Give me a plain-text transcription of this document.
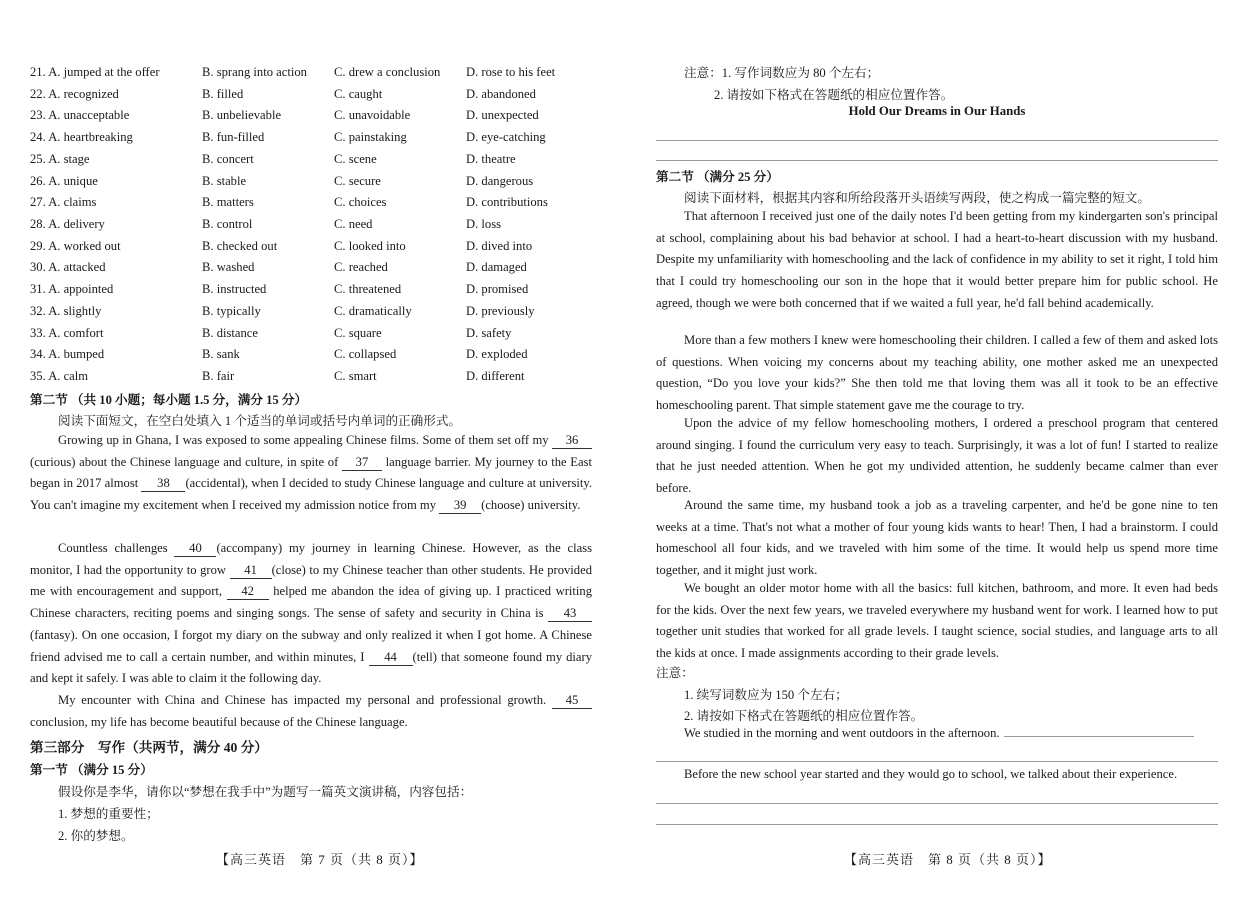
21. A. jumped at the offer	B. sprang into action C. drew a conclusion D. rose to his feet
22. A. recognized	B. filled	C. caught	D. abandoned
23. A. unacceptable	B. unbelievable	C. unavoidable	D. unexpected
24. A. heartbreaking	B. fun-filled	C. painstaking	D. eye-catching
25. A. stage	B. concert	C. scene	D. theatre
26. A. unique	B. stable	C. secure	D. dangerous
27. A. claims	B. matters	C. choices	D. contributions
28. A. delivery	B. control	C. need	D. loss
29. A. worked out	B. checked out	C. looked into	D. dived into
30. A. attacked	B. washed	C. reached	D. damaged
31. A. appointed	B. instructed	C. threatened	D. promised
32. A. slightly	B. typically	C. dramatically	D. previously
33. A. comfort	B. distance	C. square	D. safety
34. A. bumped	B. sank	C. collapsed	D. exploded
35. A. calm	B. fair	C. smart	D. different
第二节 （共 10 小题；每小题 1.5 分，满分 15 分）
阅读下面短文，在空白处填入 1 个适当的单词或括号内单词的正确形式。

Growing up in Ghana, I was exposed to some appealing Chinese films. Some of them set off my 36(curious) about the Chinese language and culture, in spite of 37 language barrier. My journey to the East began in 2017 almost 38 (accidental), when I decided to study Chinese language and culture at university. You can't imagine my excitement when I received my admission notice from my 39 (choose) university.

Countless challenges 40 (accompany) my journey in learning Chinese. However, as the class monitor, I had the opportunity to grow 41 (close) to my Chinese teacher than other students. He provided me with encouragement and support, 42 helped me abandon the idea of giving up. I practiced writing Chinese characters, reciting poems and singing songs. The sense of safety and security in China is 43(fantasy). On one occasion, I forgot my diary on the subway and only realized it when I got home. A Chinese friend advised me to call a certain number, and within minutes, I 44 (tell) that someone found my diary and kept it safely. I was able to claim it the following day.

My encounter with China and Chinese has impacted my personal and professional growth. 45 conclusion, my life has become beautiful because of the Chinese language.

第三部分　写作（共两节，满分 40 分）
第一节 （满分 15 分）
假设你是李华，请你以“梦想在我手中”为题写一篇英文演讲稿，内容包括：
1. 梦想的重要性；
2. 你的梦想。
【高三英语　第 7 页（共 8 页）】
注意：1. 写作词数应为 80 个左右；
2. 请按如下格式在答题纸的相应位置作答。
Hold Our Dreams in Our Hands
第二节 （满分 25 分）
阅读下面材料，根据其内容和所给段落开头语续写两段，使之构成一篇完整的短文。

That afternoon I received just one of the daily notes I'd been getting from my kindergarten son's principal at school, complaining about his bad behavior at school. I had a heart-to-heart discussion with my husband. Despite my unfamiliarity with homeschooling and the lack of confidence in my ability to set it right, I told him that I could try homeschooling our son in the hope that it would better prepare him for public school. He agreed, though we were both concerned that if we waited a full year, he'd fall behind academically.

More than a few mothers I knew were homeschooling their children. I called a few of them and asked lots of questions. When voicing my concerns about my teaching ability, one mother asked me an unexpected question, “Do you love your kids?” She then told me that loving them was all it took to be an effective homeschooling parent. That simple statement gave me the courage to try.

Upon the advice of my fellow homeschooling mothers, I ordered a preschool program that centered around singing. I found the curriculum very easy to teach. Surprisingly, it was a lot of fun! I started to realize that he just needed attention. When he got my undivided attention, he suddenly became calmer than ever before.

Around the same time, my husband took a job as a traveling carpenter, and he'd be gone nine to ten weeks at a time. That's not what a mother of four young kids wants to hear! Then, I had a brainstorm. I could homeschool all four kids, and we traveled with him some of the time. It would help us spend more time together, and it might just work.

We bought an older motor home with all the basics: full kitchen, bathroom, and more. It even had beds for the kids. Over the next few years, we traveled everywhere my husband went for work. I learned how to put together unit studies that worked for all grade levels. I taught science, social studies, and language arts to all the kids at once. I made assignments according to their grade levels.

注意：
1. 续写词数应为 150 个左右；
2. 请按如下格式在答题纸的相应位置作答。
We studied in the morning and went outdoors in the afternoon.
Before the new school year started and they would go to school, we talked about their experience.
【高三英语　第 8 页（共 8 页）】
